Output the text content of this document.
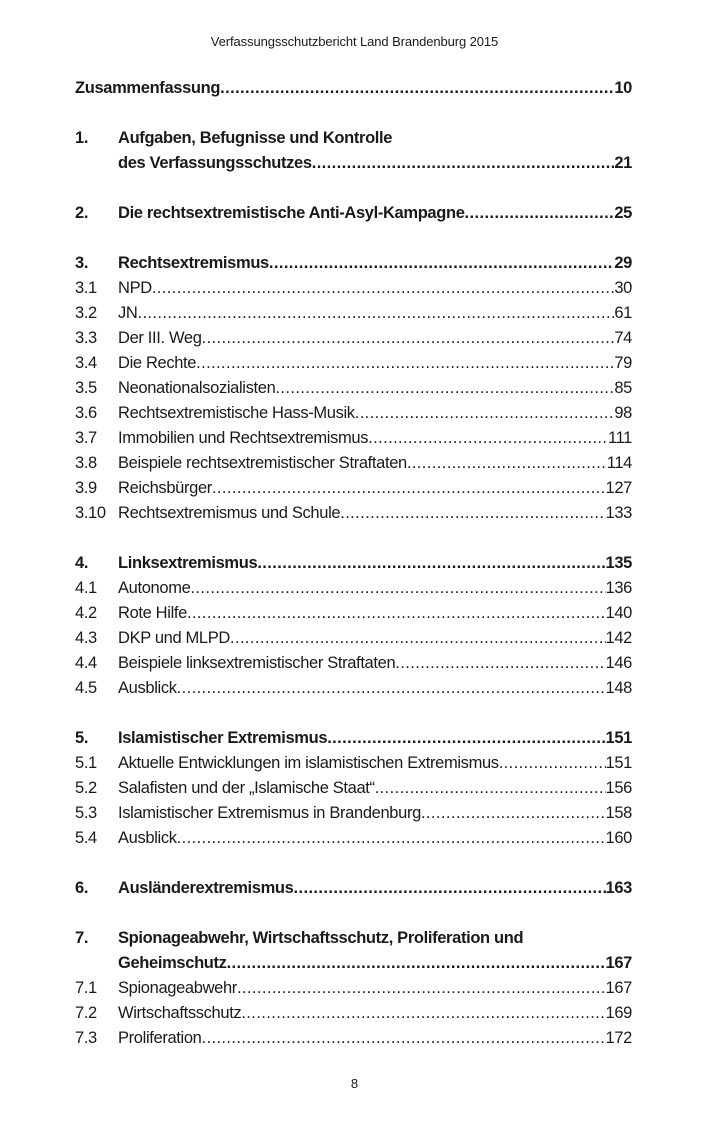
Verfassungsschutzbericht Land Brandenburg 2015
Zusammenfassung .....	10
1. Aufgaben, Befugnisse und Kontrolle
des Verfassungsschutzes .....	21
2. Die rechtsextremistische Anti-Asyl-Kampagne .....	25
3. Rechtsextremismus .....	29
3.1 NPD .....	30
3.2 JN .....	61
3.3 Der III. Weg .....	74
3.4 Die Rechte .....	79
3.5 Neonationalsozialisten .....	85
3.6 Rechtsextremistische Hass-Musik .....	98
3.7 Immobilien und Rechtsextremismus .....	111
3.8 Beispiele rechtsextremistischer Straftaten .....	114
3.9 Reichsbürger .....	127
3.10 Rechtsextremismus und Schule .....	133
4. Linksextremismus .....	135
4.1 Autonome .....	136
4.2 Rote Hilfe .....	140
4.3 DKP und MLPD .....	142
4.4 Beispiele linksextremistischer Straftaten .....	146
4.5 Ausblick .....	148
5. Islamistischer Extremismus .....	151
5.1 Aktuelle Entwicklungen im islamistischen Extremismus .....	151
5.2 Salafisten und der „Islamische Staat“ .....	156
5.3 Islamistischer Extremismus in Brandenburg .....	158
5.4 Ausblick .....	160
6. Ausländerextremismus .....	163
7. Spionageabwehr, Wirtschaftsschutz, Proliferation und
Geheimschutz .....	167
7.1 Spionageabwehr .....	167
7.2 Wirtschaftsschutz .....	169
7.3 Proliferation .....	172
8
